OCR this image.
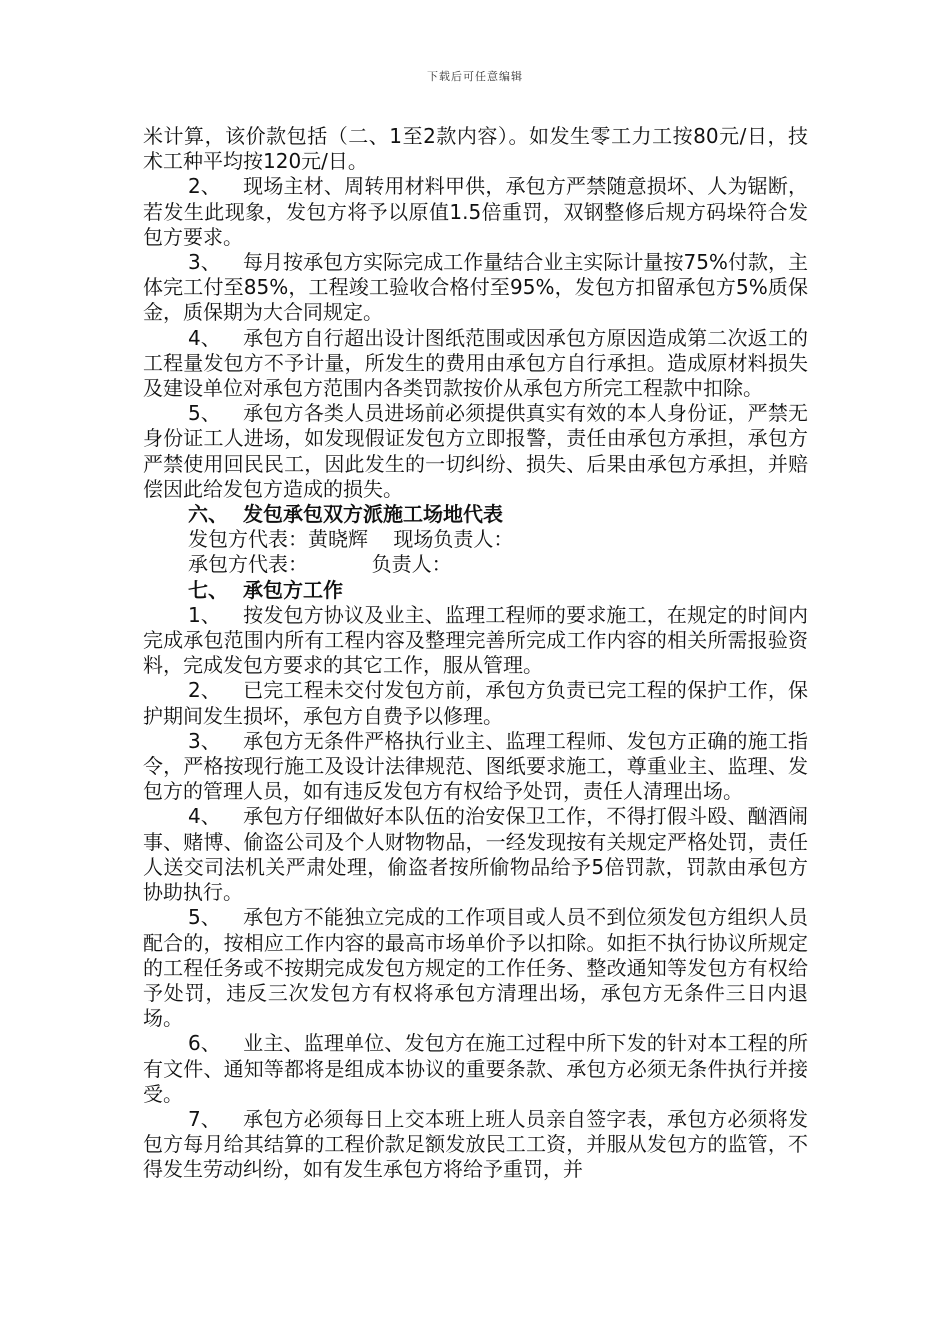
下载后可任意编辑

米计算，该价款包括（二、1至2款内容）。如发生零工力工按80元/日，技术工种平均按120元/日。

2、 现场主材、周转用材料甲供，承包方严禁随意损坏、人为锯断，若发生此现象，发包方将予以原值1.5倍重罚，双钢整修后规方码垛符合发包方要求。

3、 每月按承包方实际完成工作量结合业主实际计量按75%付款，主体完工付至85%，工程竣工验收合格付至95%，发包方扣留承包方5%质保金，质保期为大合同规定。

4、 承包方自行超出设计图纸范围或因承包方原因造成第二次返工的工程量发包方不予计量，所发生的费用由承包方自行承担。造成原材料损失及建设单位对承包方范围内各类罚款按价从承包方所完工程款中扣除。

5、 承包方各类人员进场前必须提供真实有效的本人身份证，严禁无身份证工人进场，如发现假证发包方立即报警，责任由承包方承担，承包方严禁使用回民民工，因此发生的一切纠纷、损失、后果由承包方承担，并赔偿因此给发包方造成的损失。

六、 发包承包双方派施工场地代表

发包方代表：黄晓辉    现场负责人：

承包方代表：          负责人：

七、 承包方工作

1、 按发包方协议及业主、监理工程师的要求施工，在规定的时间内完成承包范围内所有工程内容及整理完善所完成工作内容的相关所需报验资料，完成发包方要求的其它工作，服从管理。

2、 已完工程未交付发包方前，承包方负责已完工程的保护工作，保护期间发生损坏，承包方自费予以修理。

3、 承包方无条件严格执行业主、监理工程师、发包方正确的施工指令，严格按现行施工及设计法律规范、图纸要求施工，尊重业主、监理、发包方的管理人员，如有违反发包方有权给予处罚，责任人清理出场。

4、 承包方仔细做好本队伍的治安保卫工作，不得打假斗殴、酗酒闹事、赌博、偷盗公司及个人财物物品，一经发现按有关规定严格处罚，责任人送交司法机关严肃处理，偷盗者按所偷物品给予5倍罚款，罚款由承包方协助执行。

5、 承包方不能独立完成的工作项目或人员不到位须发包方组织人员配合的，按相应工作内容的最高市场单价予以扣除。如拒不执行协议所规定的工程任务或不按期完成发包方规定的工作任务、整改通知等发包方有权给予处罚，违反三次发包方有权将承包方清理出场，承包方无条件三日内退场。

6、 业主、监理单位、发包方在施工过程中所下发的针对本工程的所有文件、通知等都将是组成本协议的重要条款、承包方必须无条件执行并接受。

7、 承包方必须每日上交本班上班人员亲自签字表，承包方必须将发包方每月给其结算的工程价款足额发放民工工资，并服从发包方的监管，不得发生劳动纠纷，如有发生承包方将给予重罚，并
